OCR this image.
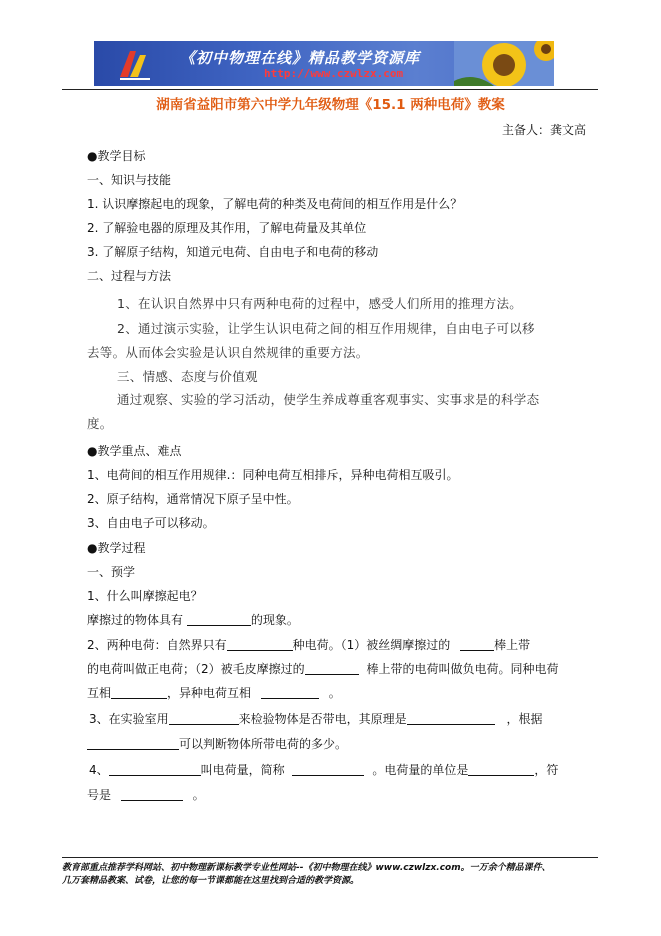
《初中物理在线》精品教学资源库
http://www.czwlzx.com
湖南省益阳市第六中学九年级物理《15.1 两种电荷》教案
主备人：龚文高
●教学目标
一、知识与技能
1. 认识摩擦起电的现象，了解电荷的种类及电荷间的相互作用是什么？
2. 了解验电器的原理及其作用，了解电荷量及其单位
3. 了解原子结构，知道元电荷、自由电子和电荷的移动
二、过程与方法
1、在认识自然界中只有两种电荷的过程中，感受人们所用的推理方法。
2、通过演示实验，让学生认识电荷之间的相互作用规律，自由电子可以移
去等。从而体会实验是认识自然规律的重要方法。
三、情感、态度与价值观
通过观察、实验的学习活动，使学生养成尊重客观事实、实事求是的科学态
度。
●教学重点、难点
1、电荷间的相互作用规律.：同种电荷互相排斥，异种电荷相互吸引。
2、原子结构，通常情况下原子呈中性。
3、自由电子可以移动。
●教学过程
一、预学
1、什么叫摩擦起电？
摩擦过的物体具有	的现象。
2、两种电荷：自然界只有	种电荷。（1）被丝绸摩擦过的	棒上带
的电荷叫做正电荷；（2）被毛皮摩擦过的	棒上带的电荷叫做负电荷。同种电荷
互相	，异种电荷互相	。
3、在实验室用	来检验物体是否带电，其原理是	，根据
可以判断物体所带电荷的多少。
4、	叫电荷量，简称	。电荷量的单位是	，符
号是	。
教育部重点推荐学科网站、初中物理新课标教学专业性网站--《初中物理在线》www.czwlzx.com。一万余个精品课件、
几万套精品教案、试卷，让您的每一节课都能在这里找到合适的教学资源。
